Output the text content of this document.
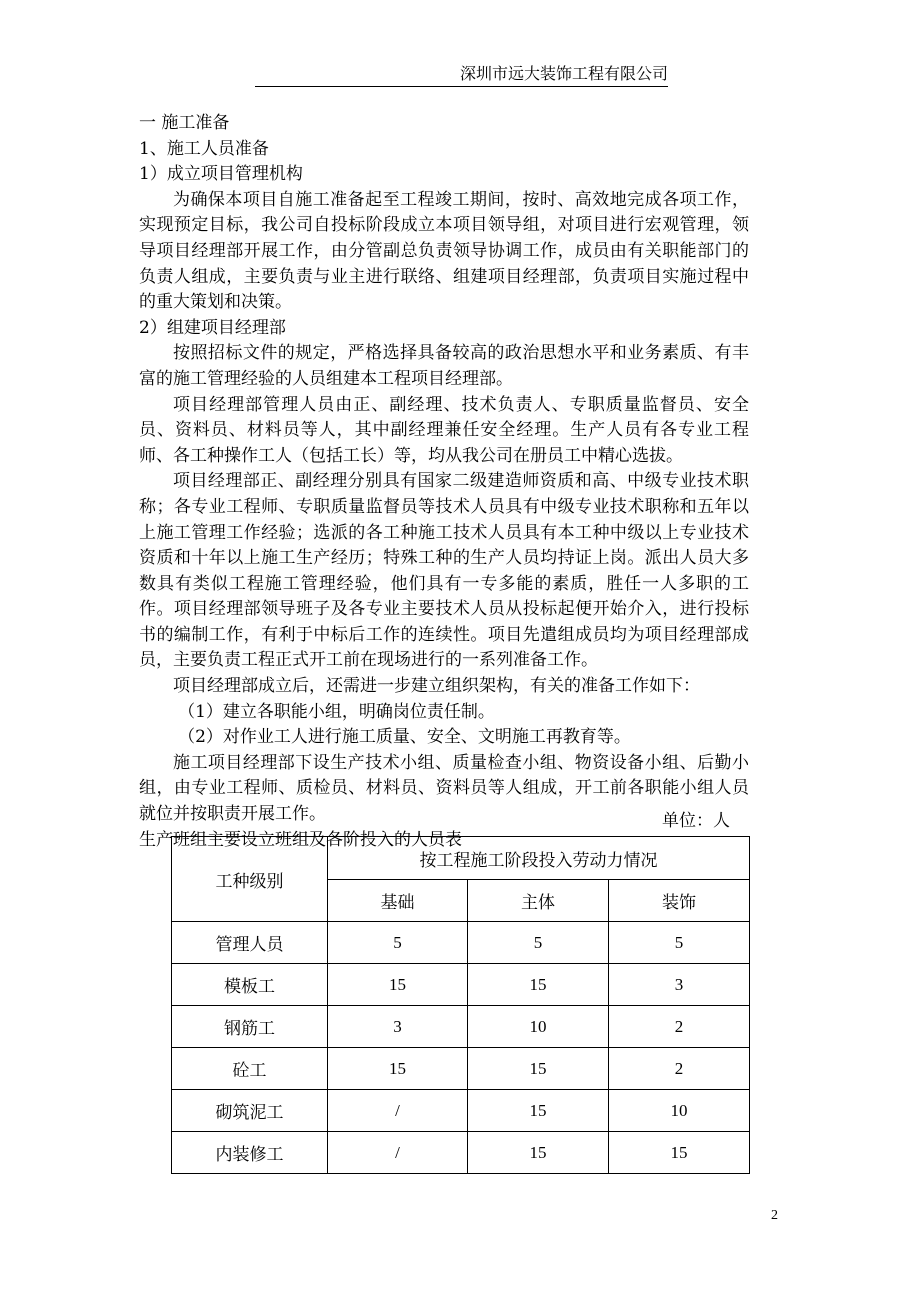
深圳市远大装饰工程有限公司
一 施工准备
1、施工人员准备
1）成立项目管理机构

为确保本项目自施工准备起至工程竣工期间，按时、高效地完成各项工作，实现预定目标，我公司自投标阶段成立本项目领导组，对项目进行宏观管理，领导项目经理部开展工作，由分管副总负责领导协调工作，成员由有关职能部门的负责人组成，主要负责与业主进行联络、组建项目经理部，负责项目实施过程中的重大策划和决策。

2）组建项目经理部

按照招标文件的规定，严格选择具备较高的政治思想水平和业务素质、有丰富的施工管理经验的人员组建本工程项目经理部。

项目经理部管理人员由正、副经理、技术负责人、专职质量监督员、安全员、资料员、材料员等人，其中副经理兼任安全经理。生产人员有各专业工程师、各工种操作工人（包括工长）等，均从我公司在册员工中精心选拔。

项目经理部正、副经理分别具有国家二级建造师资质和高、中级专业技术职称；各专业工程师、专职质量监督员等技术人员具有中级专业技术职称和五年以上施工管理工作经验；选派的各工种施工技术人员具有本工种中级以上专业技术资质和十年以上施工生产经历；特殊工种的生产人员均持证上岗。派出人员大多数具有类似工程施工管理经验，他们具有一专多能的素质，胜任一人多职的工作。项目经理部领导班子及各专业主要技术人员从投标起便开始介入，进行投标书的编制工作，有利于中标后工作的连续性。项目先遣组成员均为项目经理部成员，主要负责工程正式开工前在现场进行的一系列准备工作。

项目经理部成立后，还需进一步建立组织架构，有关的准备工作如下：

（1）建立各职能小组，明确岗位责任制。

（2）对作业工人进行施工质量、安全、文明施工再教育等。

施工项目经理部下设生产技术小组、质量检查小组、物资设备小组、后勤小组，由专业工程师、质检员、材料员、资料员等人组成，开工前各职能小组人员就位并按职责开展工作。

生产班组主要设立班组及各阶投入的人员表
单位：人
工种级别	按工程施工阶段投入劳动力情况		
	基础	主体	装饰
管理人员	5	5	5
模板工	15	15	3
钢筋工	3	10	2
砼工	15	15	2
砌筑泥工	/	15	10
内装修工	/	15	15
2
